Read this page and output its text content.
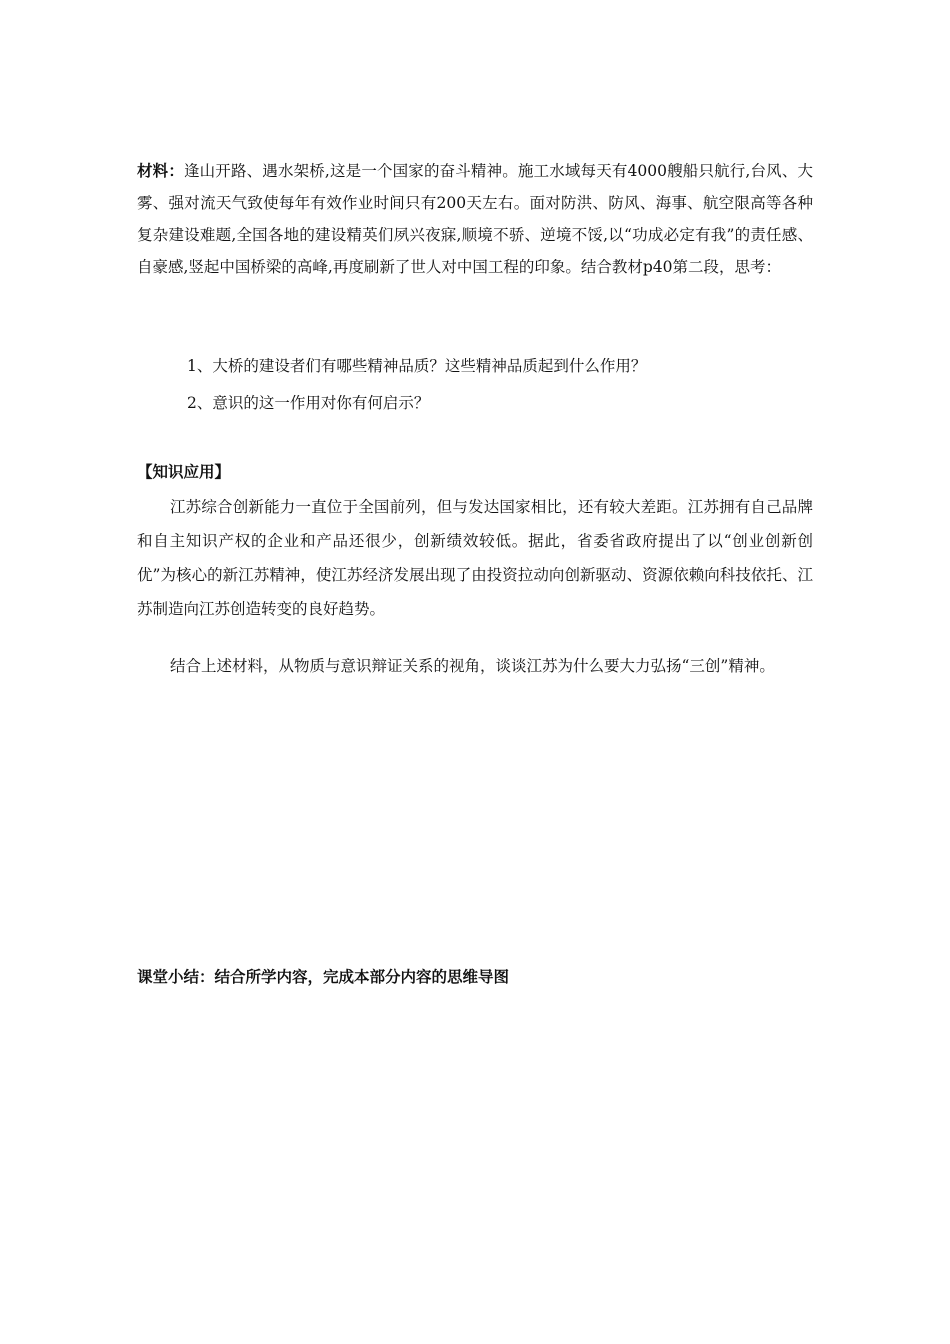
材料：逢山开路、遇水架桥,这是一个国家的奋斗精神。施工水域每天有4000艘船只航行,台风、大雾、强对流天气致使每年有效作业时间只有200天左右。面对防洪、防风、海事、航空限高等各种复杂建设难题,全国各地的建设精英们夙兴夜寐,顺境不骄、逆境不馁,以“功成必定有我”的责任感、自豪感,竖起中国桥梁的高峰,再度刷新了世人对中国工程的印象。结合教材p40第二段，思考：
1、大桥的建设者们有哪些精神品质？这些精神品质起到什么作用？
2、意识的这一作用对你有何启示？
【知识应用】
江苏综合创新能力一直位于全国前列，但与发达国家相比，还有较大差距。江苏拥有自己品牌和自主知识产权的企业和产品还很少，创新绩效较低。据此，省委省政府提出了以“创业创新创优”为核心的新江苏精神，使江苏经济发展出现了由投资拉动向创新驱动、资源依赖向科技依托、江苏制造向江苏创造转变的良好趋势。
结合上述材料，从物质与意识辩证关系的视角，谈谈江苏为什么要大力弘扬“三创”精神。
课堂小结：结合所学内容，完成本部分内容的思维导图
